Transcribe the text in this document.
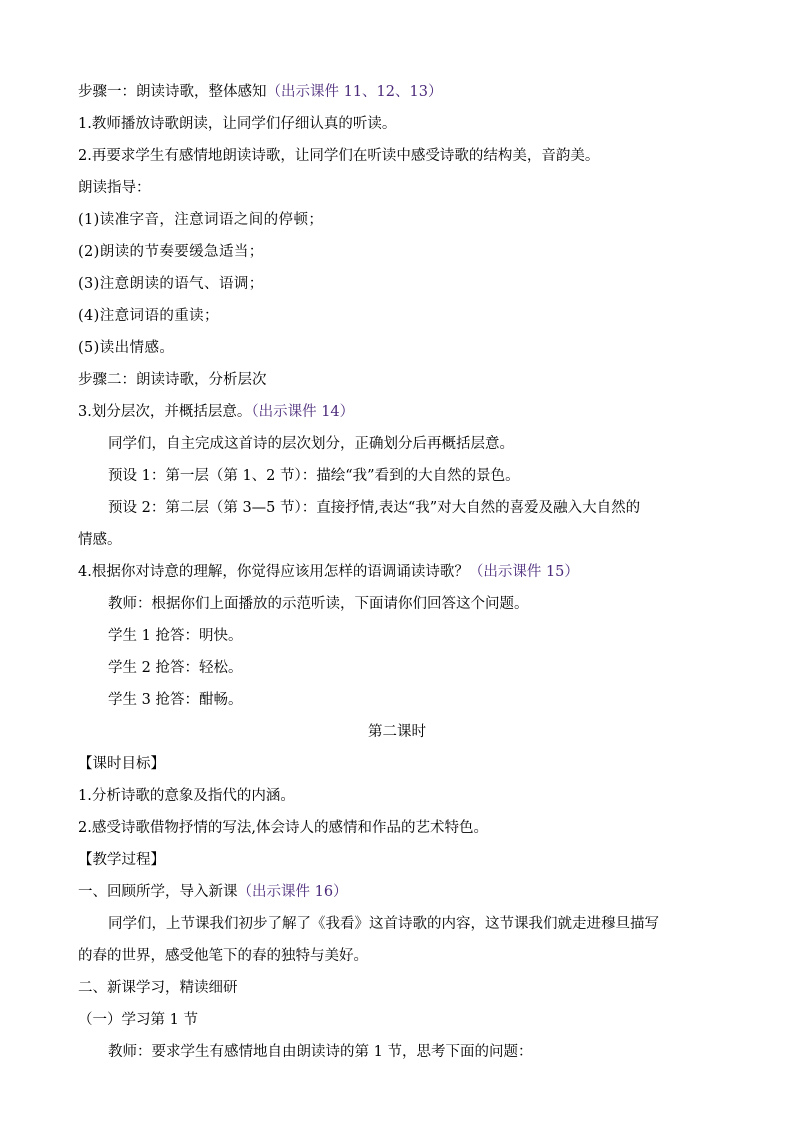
步骤一：朗读诗歌，整体感知（出示课件 11、12、13）
1.教师播放诗歌朗读，让同学们仔细认真的听读。
2.再要求学生有感情地朗读诗歌，让同学们在听读中感受诗歌的结构美，音韵美。
朗读指导：
(1)读准字音，注意词语之间的停顿；
(2)朗读的节奏要缓急适当；
(3)注意朗读的语气、语调；
(4)注意词语的重读；
(5)读出情感。
步骤二：朗读诗歌，分析层次
3.划分层次，并概括层意。（出示课件 14）
同学们，自主完成这首诗的层次划分，正确划分后再概括层意。
预设 1：第一层（第 1、2 节）：描绘“我”看到的大自然的景色。
预设 2：第二层（第 3—5 节）：直接抒情,表达“我”对大自然的喜爱及融入大自然的
情感。
4.根据你对诗意的理解，你觉得应该用怎样的语调诵读诗歌？（出示课件 15）
教师：根据你们上面播放的示范听读，下面请你们回答这个问题。
学生 1 抢答：明快。
学生 2 抢答：轻松。
学生 3 抢答：酣畅。
第二课时
【课时目标】
1.分析诗歌的意象及指代的内涵。
2.感受诗歌借物抒情的写法,体会诗人的感情和作品的艺术特色。
【教学过程】
一、回顾所学，导入新课（出示课件 16）
同学们，上节课我们初步了解了《我看》这首诗歌的内容，这节课我们就走进穆旦描写
的春的世界，感受他笔下的春的独特与美好。
二、新课学习，精读细研
（一）学习第 1 节
教师：要求学生有感情地自由朗读诗的第 1 节，思考下面的问题：
